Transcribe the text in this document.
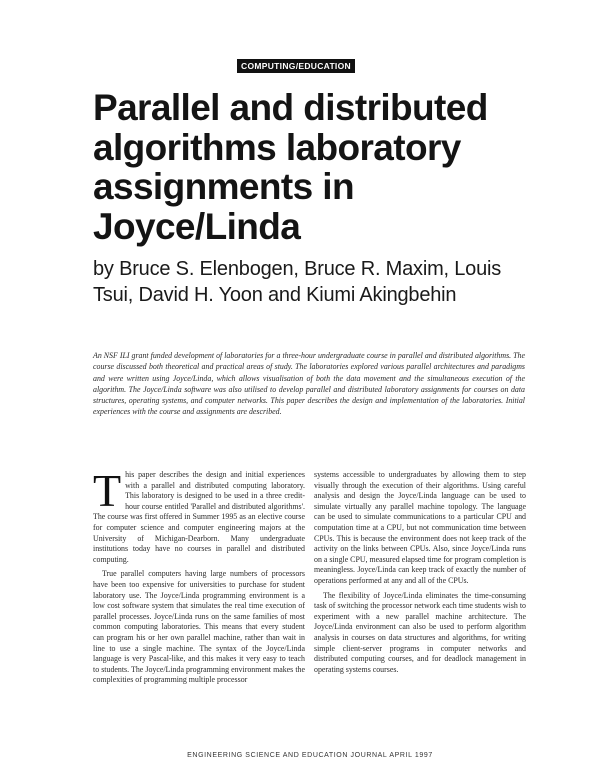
COMPUTING/EDUCATION
Parallel and distributed algorithms laboratory assignments in Joyce/Linda

by Bruce S. Elenbogen, Bruce R. Maxim, Louis Tsui, David H. Yoon and Kiumi Akingbehin

An NSF ILI grant funded development of laboratories for a three-hour undergraduate course in parallel and distributed algorithms. The course discussed both theoretical and practical areas of study. The laboratories explored various parallel architectures and paradigms and were written using Joyce/Linda, which allows visualisation of both the data movement and the simultaneous execution of the algorithm. The Joyce/Linda software was also utilised to develop parallel and distributed laboratory assignments for courses on data structures, operating systems, and computer networks. This paper describes the design and implementation of the laboratories. Initial experiences with the course and assignments are described.

This paper describes the design and initial experiences with a parallel and distributed computing laboratory. This laboratory is designed to be used in a three credit-hour course entitled 'Parallel and distributed algorithms'. The course was first offered in Summer 1995 as an elective course for computer science and computer engineering majors at the University of Michigan-Dearborn. Many undergraduate institutions today have no courses in parallel and distributed computing.

True parallel computers having large numbers of processors have been too expensive for universities to purchase for student laboratory use. The Joyce/Linda programming environment is a low cost software system that simulates the real time execution of parallel processes. Joyce/Linda runs on the same families of most common computing laboratories. This means that every student can program his or her own parallel machine, rather than wait in line to use a single machine. The syntax of the Joyce/Linda language is very Pascal-like, and this makes it very easy to teach to students. The Joyce/Linda programming environment makes the complexities of programming multiple processor

systems accessible to undergraduates by allowing them to step visually through the execution of their algorithms. Using careful analysis and design the Joyce/Linda language can be used to simulate virtually any parallel machine topology. The language can be used to simulate communications to a particular CPU and computation time at a CPU, but not communication time between CPUs. This is because the environment does not keep track of the activity on the links between CPUs. Also, since Joyce/Linda runs on a single CPU, measured elapsed time for program completion is meaningless. Joyce/Linda can keep track of exactly the number of operations performed at any and all of the CPUs.

The flexibility of Joyce/Linda eliminates the time-consuming task of switching the processor network each time students wish to experiment with a new parallel machine architecture. The Joyce/Linda environment can also be used to perform algorithm analysis in courses on data structures and algorithms, for writing simple client-server programs in computer networks and distributed computing courses, and for deadlock management in operating systems courses.

ENGINEERING SCIENCE AND EDUCATION JOURNAL APRIL 1997
